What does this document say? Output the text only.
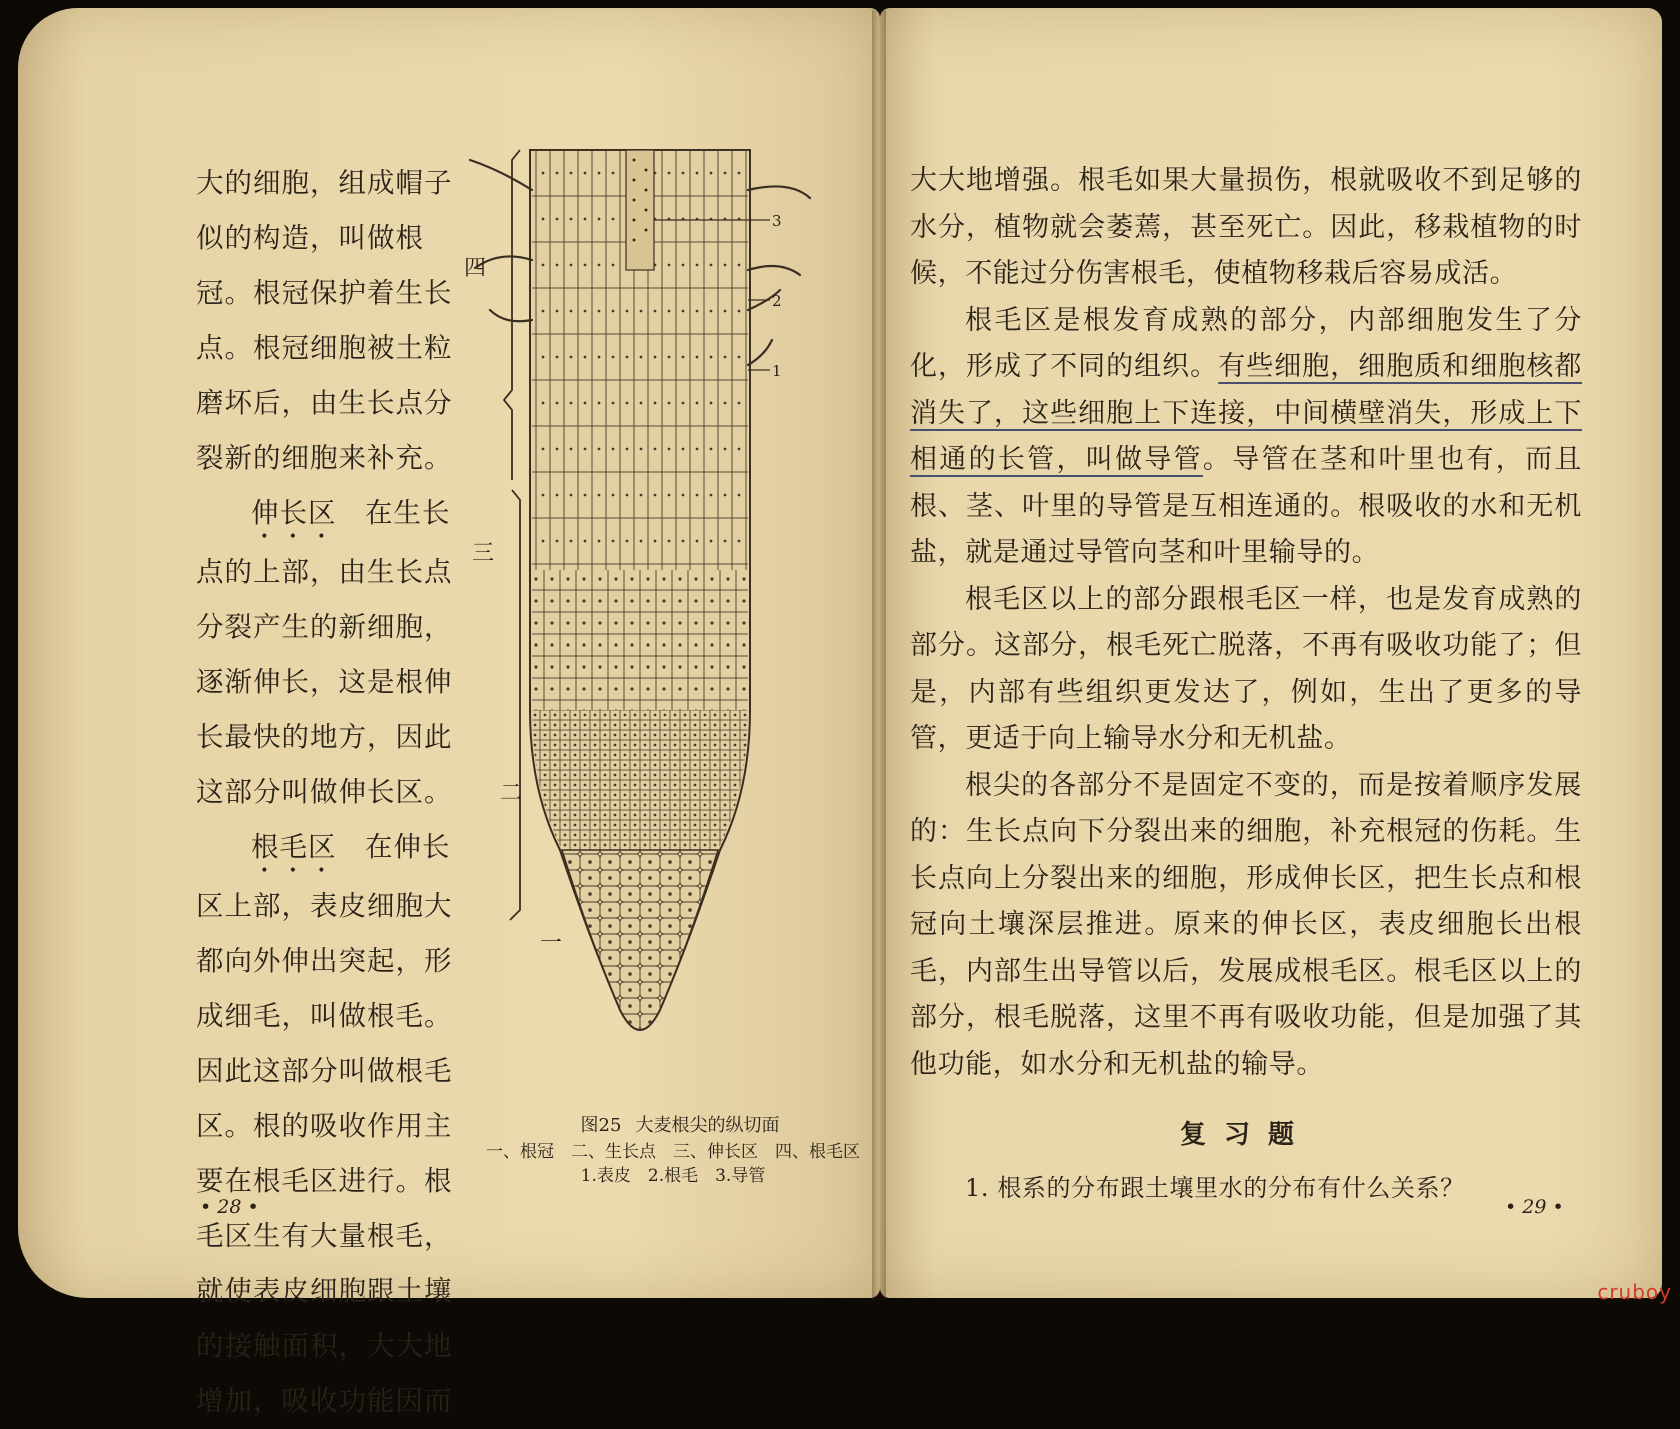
大的细胞，组成帽子似的构造，叫做根冠。根冠保护着生长点。根冠细胞被土粒磨坏后，由生长点分裂新的细胞来补充。

伸长区　 在生长点的上部，由生长点分裂产生的新细胞，逐渐伸长，这是根伸长最快的地方，因此这部分叫做伸长区。

根毛区　 在伸长区上部，表皮细胞大都向外伸出突起，形成细毛，叫做根毛。因此这部分叫做根毛区。根的吸收作用主要在根毛区进行。根毛区生有大量根毛，就使表皮细胞跟土壤的接触面积，大大地增加，吸收功能因而

四
三
二
一
3
2
1
图25 大麦根尖的纵切面
一、根冠　二、生长点　三、伸长区　四、根毛区
1.表皮　2.根毛　3.导管
• 28 •

大大地增强。根毛如果大量损伤，根就吸收不到足够的水分，植物就会萎蔫，甚至死亡。因此，移栽植物的时候，不能过分伤害根毛，使植物移栽后容易成活。

根毛区是根发育成熟的部分，内部细胞发生了分化，形成了不同的组织。有些细胞，细胞质和细胞核都消失了，这些细胞上下连接，中间横壁消失，形成上下相通的长管，叫做导管。导管在茎和叶里也有，而且根、茎、叶里的导管是互相连通的。根吸收的水和无机盐，就是通过导管向茎和叶里输导的。

根毛区以上的部分跟根毛区一样，也是发育成熟的部分。这部分，根毛死亡脱落，不再有吸收功能了；但是，内部有些组织更发达了，例如，生出了更多的导管，更适于向上输导水分和无机盐。

根尖的各部分不是固定不变的，而是按着顺序发展的：生长点向下分裂出来的细胞，补充根冠的伤耗。生长点向上分裂出来的细胞，形成伸长区，把生长点和根冠向土壤深层推进。原来的伸长区，表皮细胞长出根毛，内部生出导管以后，发展成根毛区。根毛区以上的部分，根毛脱落，这里不再有吸收功能，但是加强了其他功能，如水分和无机盐的输导。

复习题

1. 根系的分布跟土壤里水的分布有什么关系？

• 29 •
cruboy
